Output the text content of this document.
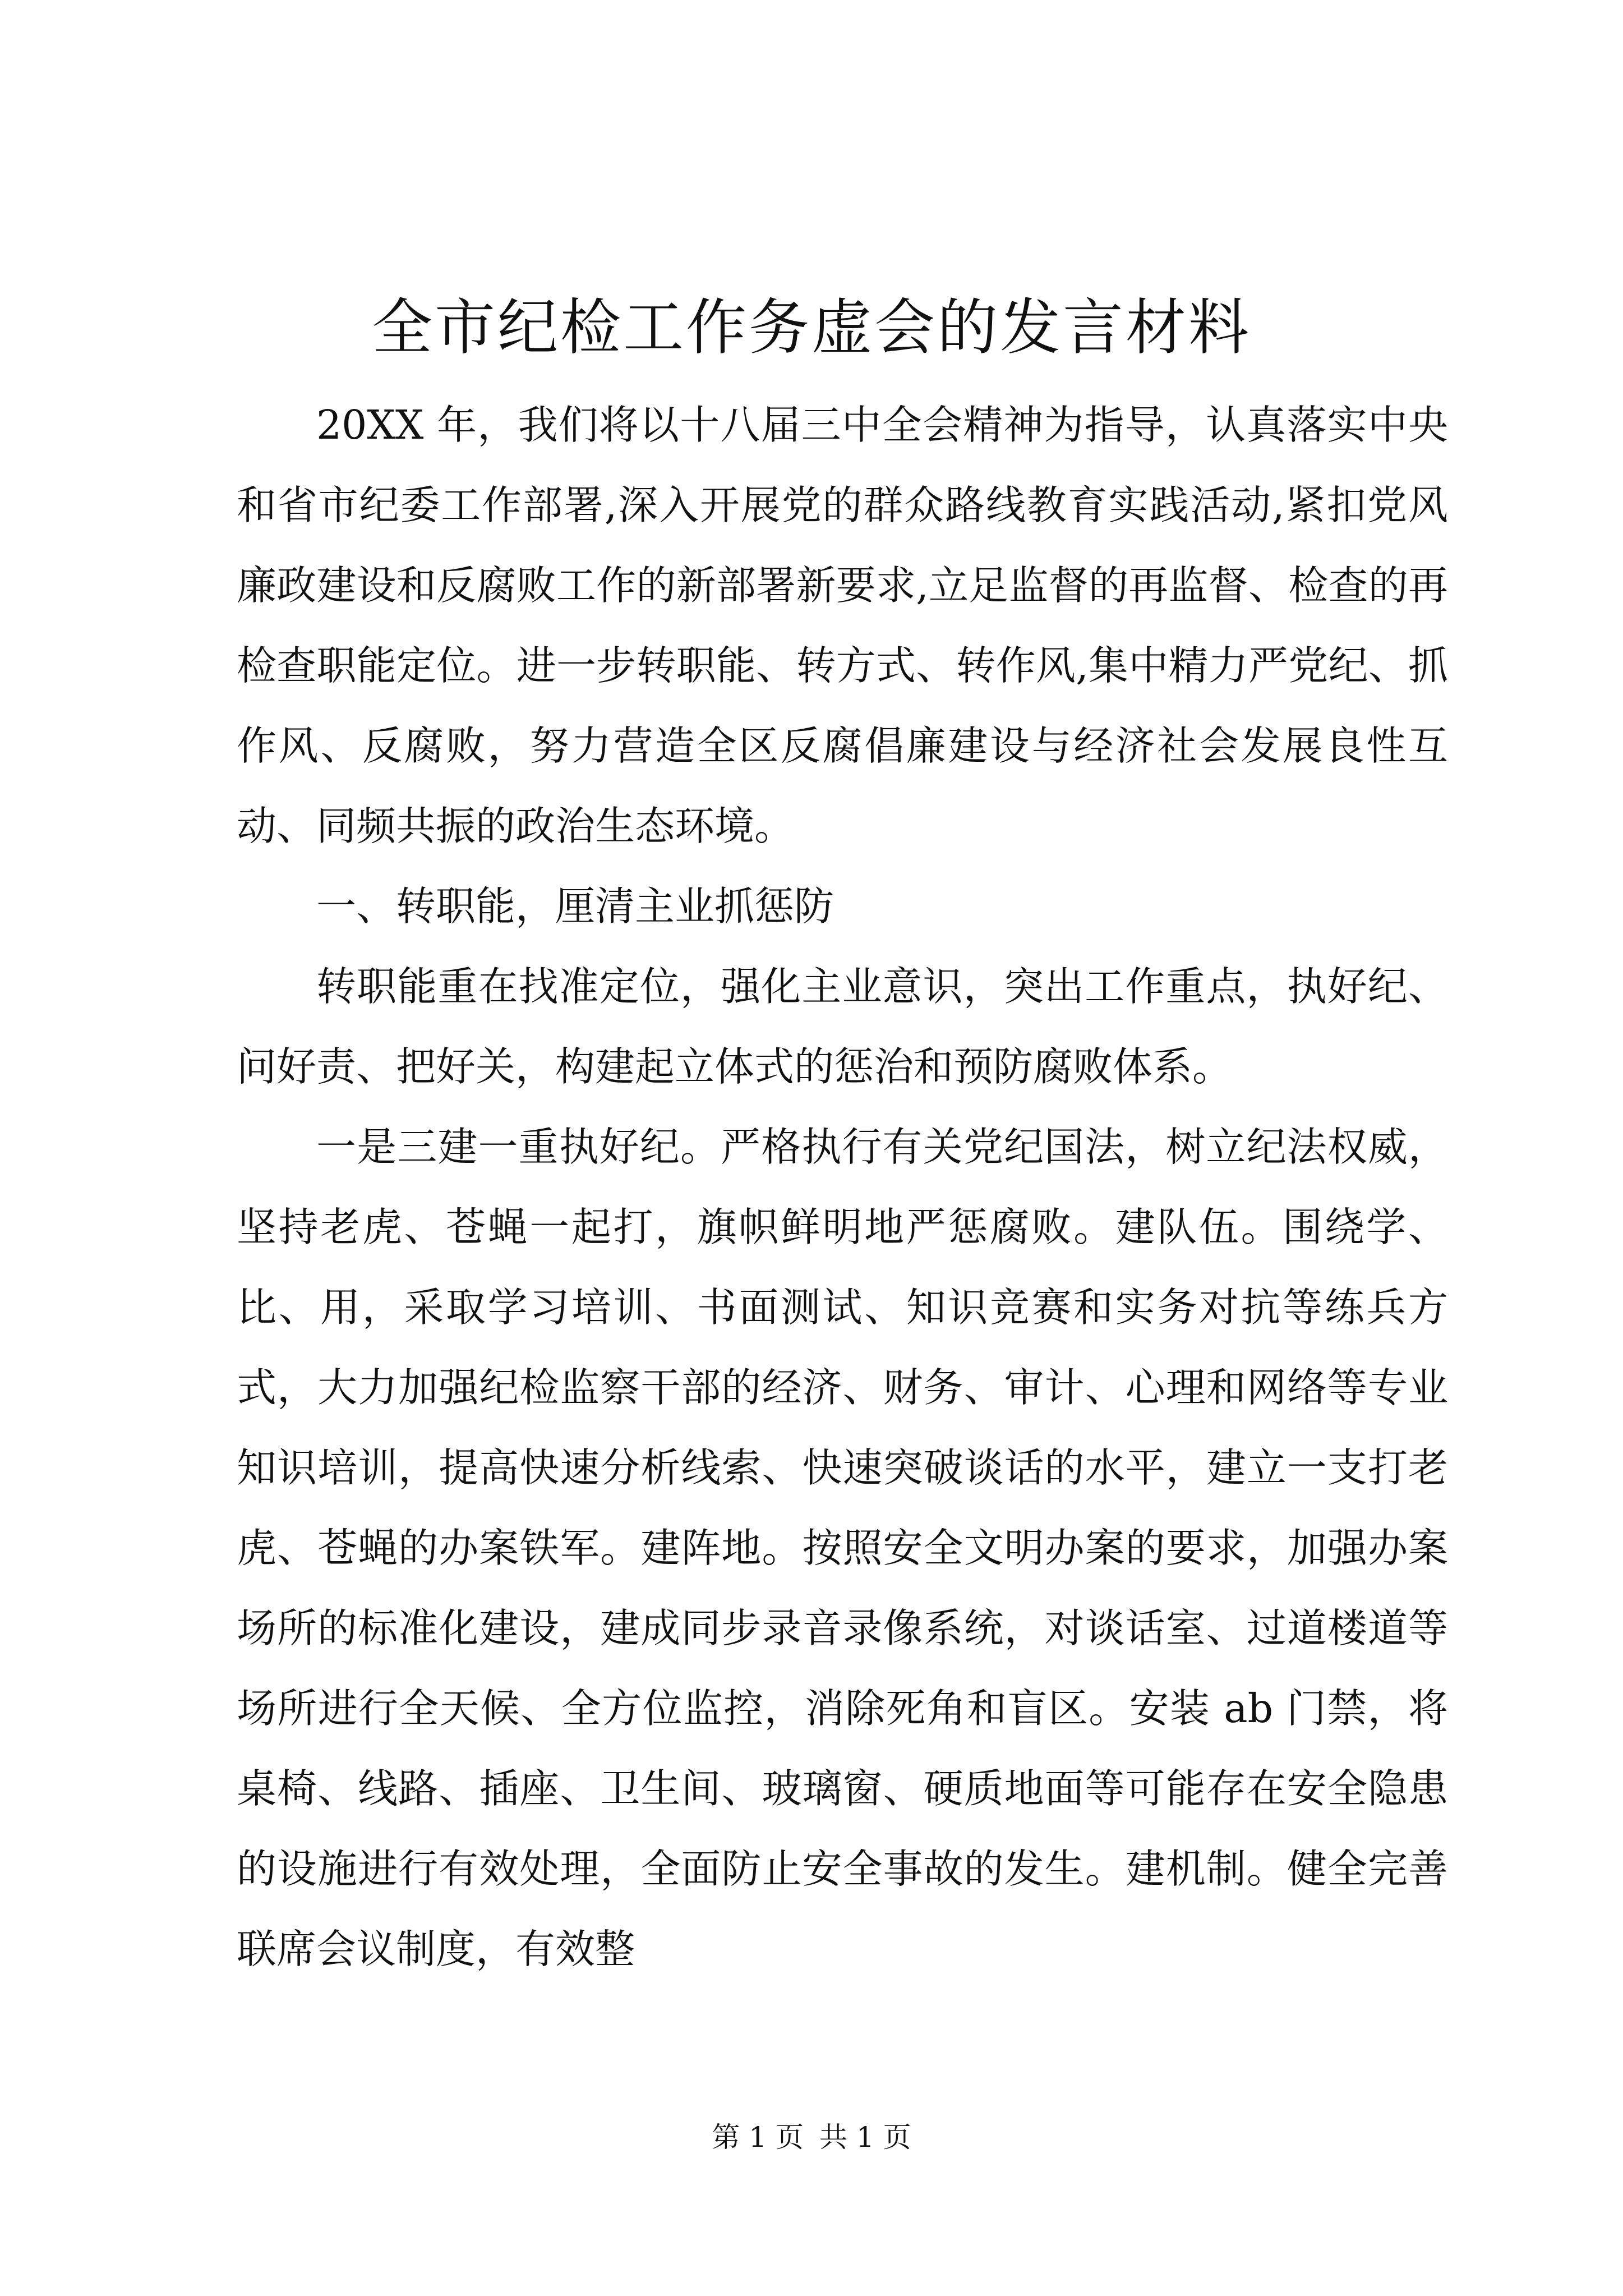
全市纪检工作务虚会的发言材料

20XX 年，我们将以十八届三中全会精神为指导，认真落实中央和省市纪委工作部署,深入开展党的群众路线教育实践活动,紧扣党风廉政建设和反腐败工作的新部署新要求,立足监督的再监督、检查的再检查职能定位。进一步转职能、转方式、转作风,集中精力严党纪、抓作风、反腐败，努力营造全区反腐倡廉建设与经济社会发展良性互动、同频共振的政治生态环境。

一、转职能，厘清主业抓惩防

转职能重在找准定位，强化主业意识，突出工作重点，执好纪、问好责、把好关，构建起立体式的惩治和预防腐败体系。

一是三建一重执好纪。严格执行有关党纪国法，树立纪法权威，坚持老虎、苍蝇一起打，旗帜鲜明地严惩腐败。建队伍。围绕学、比、用，采取学习培训、书面测试、知识竞赛和实务对抗等练兵方式，大力加强纪检监察干部的经济、财务、审计、心理和网络等专业知识培训，提高快速分析线索、快速突破谈话的水平，建立一支打老虎、苍蝇的办案铁军。建阵地。按照安全文明办案的要求，加强办案场所的标准化建设，建成同步录音录像系统，对谈话室、过道楼道等场所进行全天候、全方位监控，消除死角和盲区。安装 ab 门禁，将桌椅、线路、插座、卫生间、玻璃窗、硬质地面等可能存在安全隐患的设施进行有效处理，全面防止安全事故的发生。建机制。健全完善联席会议制度，有效整

第 1 页 共 1 页
